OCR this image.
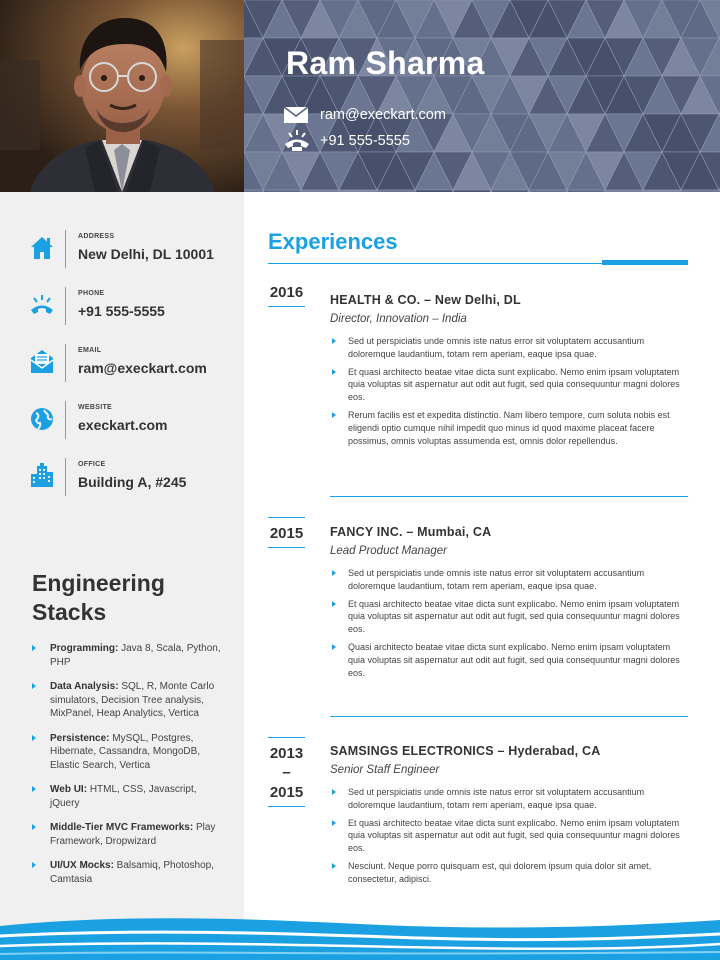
Ram Sharma
ram@execkart.com
+91 555-5555
ADDRESS
New Delhi, DL 10001
PHONE
+91 555-5555
EMAIL
ram@execkart.com
WEBSITE
execkart.com
OFFICE
Building A, #245
Engineering
Stacks
Programming: Java 8, Scala, Python, PHP
Data Analysis: SQL, R, Monte Carlo simulators, Decision Tree analysis, MixPanel, Heap Analytics, Vertica
Persistence: MySQL, Postgres, Hibernate, Cassandra, MongoDB, Elastic Search, Vertica
Web UI: HTML, CSS, Javascript, jQuery
Middle-Tier MVC Frameworks: Play Framework, Dropwizard
UI/UX Mocks: Balsamiq, Photoshop, Camtasia
Experiences
2016 HEALTH & CO. – New Delhi, DL
Director, Innovation – India
Sed ut perspiciatis unde omnis iste natus error sit voluptatem accusantium doloremque laudantium, totam rem aperiam, eaque ipsa quae.
Et quasi architecto beatae vitae dicta sunt explicabo. Nemo enim ipsam voluptatem quia voluptas sit aspernatur aut odit aut fugit, sed quia consequuntur magni dolores eos.
Rerum facilis est et expedita distinctio. Nam libero tempore, cum soluta nobis est eligendi optio cumque nihil impedit quo minus id quod maxime placeat facere possimus, omnis voluptas assumenda est, omnis dolor repellendus.
2015 FANCY INC. – Mumbai, CA
Lead Product Manager
Sed ut perspiciatis unde omnis iste natus error sit voluptatem accusantium doloremque laudantium, totam rem aperiam, eaque ipsa quae.
Et quasi architecto beatae vitae dicta sunt explicabo. Nemo enim ipsam voluptatem quia voluptas sit aspernatur aut odit aut fugit, sed quia consequuntur magni dolores eos.
Quasi architecto beatae vitae dicta sunt explicabo. Nemo enim ipsam voluptatem quia voluptas sit aspernatur aut odit aut fugit, sed quia consequuntur magni dolores eos.
2013
–
2015
SAMSINGS ELECTRONICS – Hyderabad, CA
Senior Staff Engineer
Sed ut perspiciatis unde omnis iste natus error sit voluptatem accusantium doloremque laudantium, totam rem aperiam, eaque ipsa quae.
Et quasi architecto beatae vitae dicta sunt explicabo. Nemo enim ipsam voluptatem quia voluptas sit aspernatur aut odit aut fugit, sed quia consequuntur magni dolores eos.
Nesciunt. Neque porro quisquam est, qui dolorem ipsum quia dolor sit amet, consectetur, adipisci.
